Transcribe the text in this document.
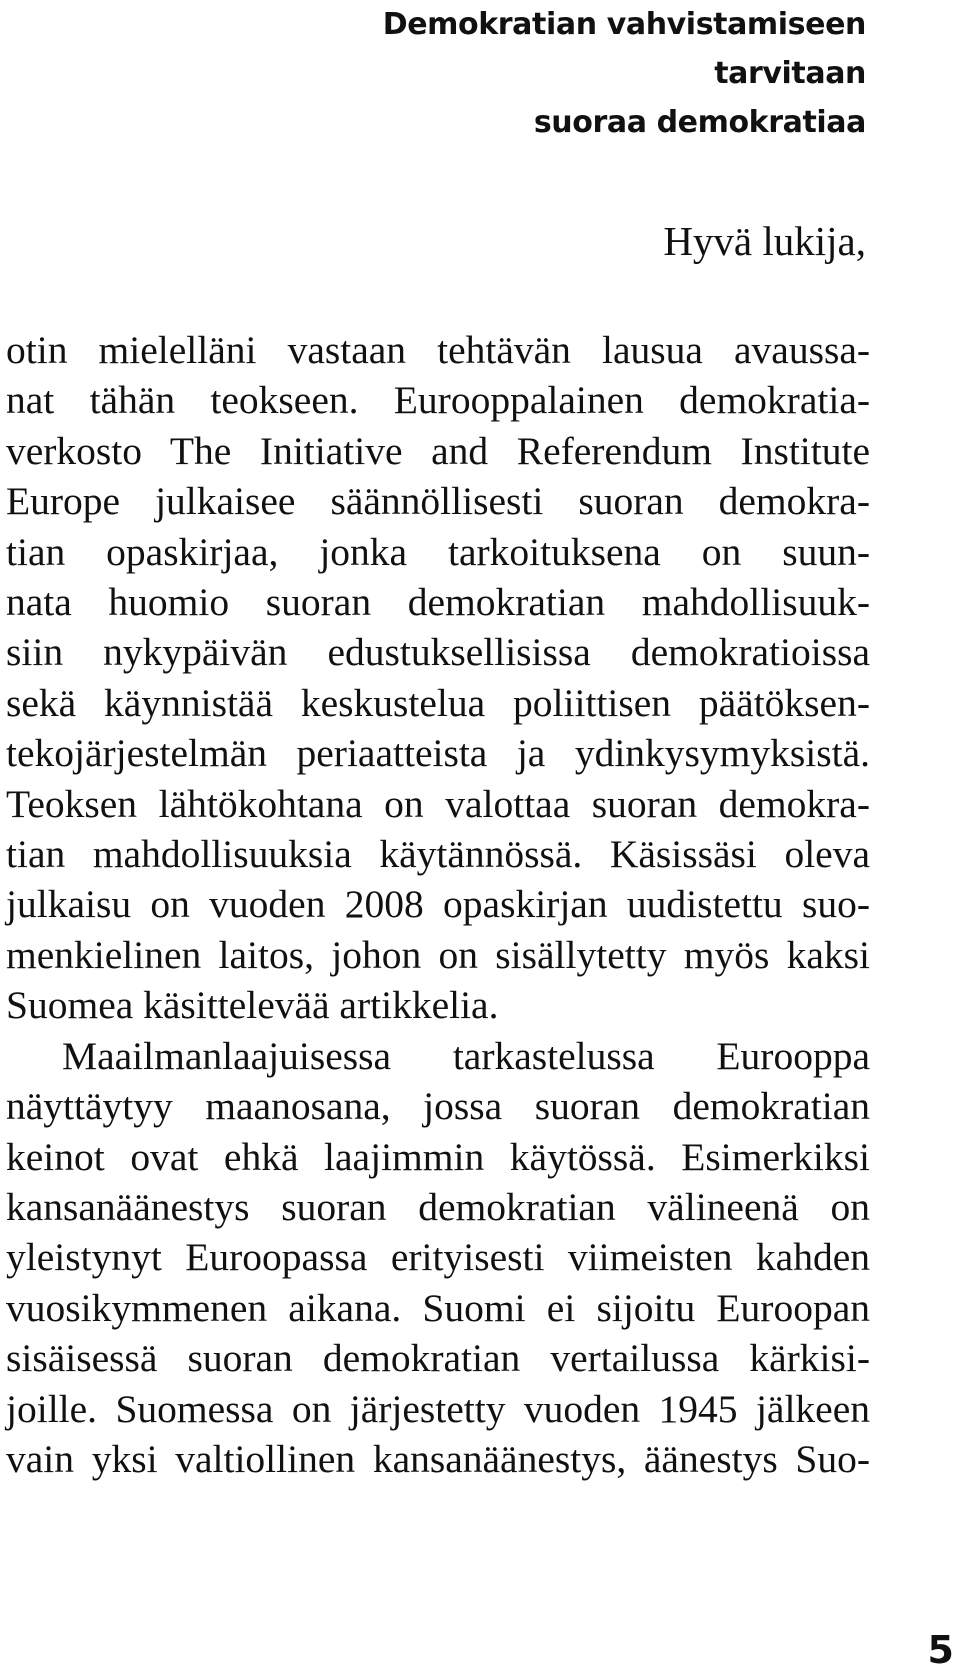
Demokratian vahvistamiseen tarvitaan
suoraa demokratiaa
Hyvä lukija,
otin mielelläni vastaan tehtävän lausua avaussa-
nat tähän teokseen. Eurooppalainen demokratia-
verkosto The Initiative and Referendum Institute
Europe julkaisee säännöllisesti suoran demokra-
tian opaskirjaa, jonka tarkoituksena on suun-
nata huomio suoran demokratian mahdollisuuk-
siin nykypäivän edustuksellisissa demokratioissa
sekä käynnistää keskustelua poliittisen päätöksen-
tekojärjestelmän periaatteista ja ydinkysymyksistä.
Teoksen lähtökohtana on valottaa suoran demokra-
tian mahdollisuuksia käytännössä. Käsissäsi oleva
julkaisu on vuoden 2008 opaskirjan uudistettu suo-
menkielinen laitos, johon on sisällytetty myös kaksi
Suomea käsittelevää artikkelia.
Maailmanlaajuisessa tarkastelussa Eurooppa
näyttäytyy maanosana, jossa suoran demokratian
keinot ovat ehkä laajimmin käytössä. Esimerkiksi
kansanäänestys suoran demokratian välineenä on
yleistynyt Euroopassa erityisesti viimeisten kahden
vuosikymmenen aikana. Suomi ei sijoitu Euroopan
sisäisessä suoran demokratian vertailussa kärkisi-
joille. Suomessa on järjestetty vuoden 1945 jälkeen
vain yksi valtiollinen kansanäänestys, äänestys Suo-
5
